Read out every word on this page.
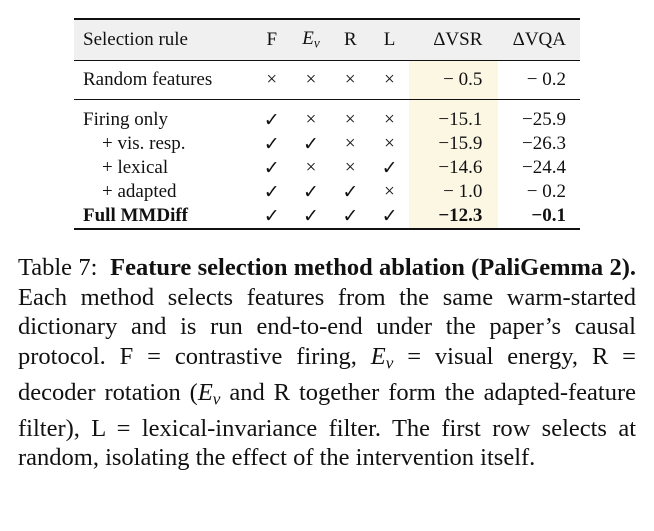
Selection rule	F	$E_v$	R	L	ΔVSR	ΔVQA
Random features	×	×	×	×	− 0.5	− 0.2

Firing only	✓	×	×	×	−15.1	−25.9
+ vis. resp.	✓	✓	×	×	−15.9	−26.3
+ lexical	✓	×	×	✓	−14.6	−24.4
+ adapted	✓	✓	✓	×	− 1.0	− 0.2
Full MMDiff	✓	✓	✓	✓	−12.3	−0.1
Table 7: Feature selection method ablation (PaliGemma 2). Each method selects features from the same warm-started dictionary and is run end-to-end under the paper’s causal protocol. F = contrastive firing, $E_v$ = visual energy, R = decoder rotation ($E_v$ and R together form the adapted-feature filter), L = lexical-invariance filter. The first row selects at random, isolating the effect of the intervention itself.
